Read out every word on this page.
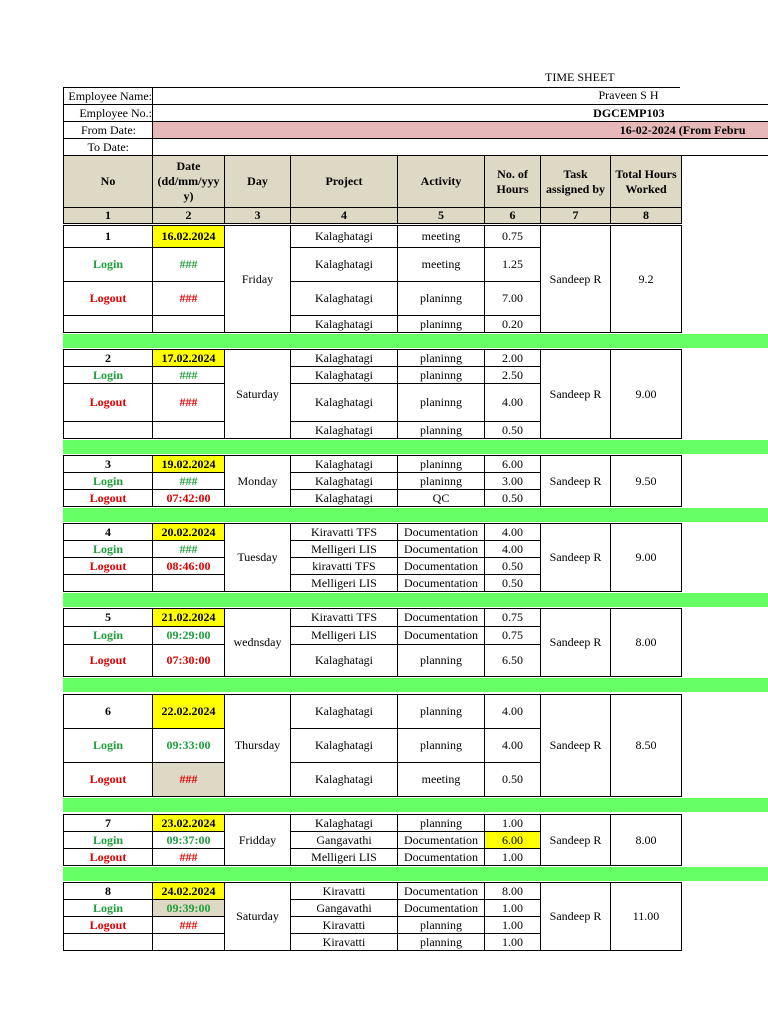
TIME SHEET
Employee Name:	Praveen S H
Employee No.:	DGCEMP103
From Date:	16-02-2024 (From Febru
To Date:	
No	Date (dd/mm/yyy y)	Day	Project	Activity	No. of Hours	Task assigned by	Total Hours Worked
1	2	3	4	5	6	7	8
1	16.02.2024	Friday	Kalaghatagi	meeting	0.75	Sandeep R	9.2
Login	###		Kalaghatagi	meeting	1.25		
Logout	###		Kalaghatagi	planinng	7.00		
			Kalaghatagi	planinng	0.20		
2	17.02.2024	Saturday	Kalaghatagi	planinng	2.00	Sandeep R	9.00
Login	###		Kalaghatagi	planinng	2.50		
Logout	###		Kalaghatagi	planinng	4.00		
			Kalaghatagi	planning	0.50		
3	19.02.2024	Monday	Kalaghatagi	planinng	6.00	Sandeep R	9.50
Login	###		Kalaghatagi	planinng	3.00		
Logout	07:42:00		Kalaghatagi	QC	0.50		
4	20.02.2024	Tuesday	Kiravatti TFS	Documentation	4.00	Sandeep R	9.00
Login	###		Melligeri LIS	Documentation	4.00		
Logout	08:46:00		kiravatti TFS	Documentation	0.50		
			Melligeri LIS	Documentation	0.50		
5	21.02.2024	wednsday	Kiravatti TFS	Documentation	0.75	Sandeep R	8.00
Login	09:29:00		Melligeri LIS	Documentation	0.75		
Logout	07:30:00		Kalaghatagi	planning	6.50		
6	22.02.2024	Thursday	Kalaghatagi	planning	4.00	Sandeep R	8.50
Login	09:33:00		Kalaghatagi	planning	4.00		
Logout	###		Kalaghatagi	meeting	0.50		
7	23.02.2024	Fridday	Kalaghatagi	planning	1.00	Sandeep R	8.00
Login	09:37:00		Gangavathi	Documentation	6.00		
Logout	###		Melligeri LIS	Documentation	1.00		
8	24.02.2024	Saturday	Kiravatti	Documentation	8.00	Sandeep R	11.00
Login	09:39:00		Gangavathi	Documentation	1.00		
Logout	###		Kiravatti	planning	1.00		
			Kiravatti	planning	1.00		
